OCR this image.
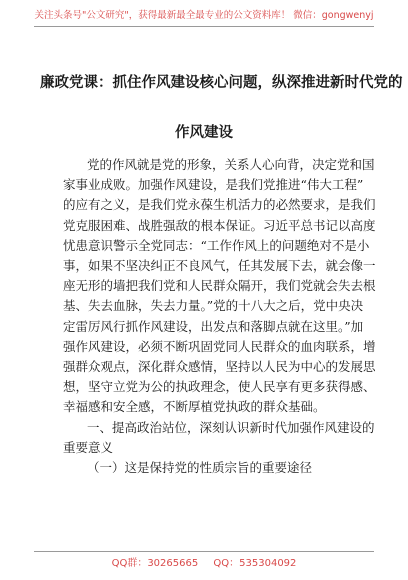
关注头条号"公文研究"，获得最新最全最专业的公文资料库！ 微信：gongwenyj
廉政党课：抓住作风建设核心问题，纵深推进新时代党的
作风建设
党的作风就是党的形象，关系人心向背，决定党和国
家事业成败。加强作风建设，是我们党推进“伟大工程”
的应有之义，是我们党永葆生机活力的必然要求，是我们
党克服困难、战胜强敌的根本保证。习近平总书记以高度
忧患意识警示全党同志：“工作作风上的问题绝对不是小
事，如果不坚决纠正不良风气，任其发展下去，就会像一
座无形的墙把我们党和人民群众隔开，我们党就会失去根
基、失去血脉，失去力量。”党的十八大之后，党中央决
定雷厉风行抓作风建设，出发点和落脚点就在这里。”加
强作风建设，必须不断巩固党同人民群众的血肉联系，增
强群众观点，深化群众感情，坚持以人民为中心的发展思
想，坚守立党为公的执政理念，使人民享有更多获得感、
幸福感和安全感，不断厚植党执政的群众基础。
一、提高政治站位，深刻认识新时代加强作风建设的
重要意义
（一）这是保持党的性质宗旨的重要途径
QQ群：30265665 QQ：535304092
